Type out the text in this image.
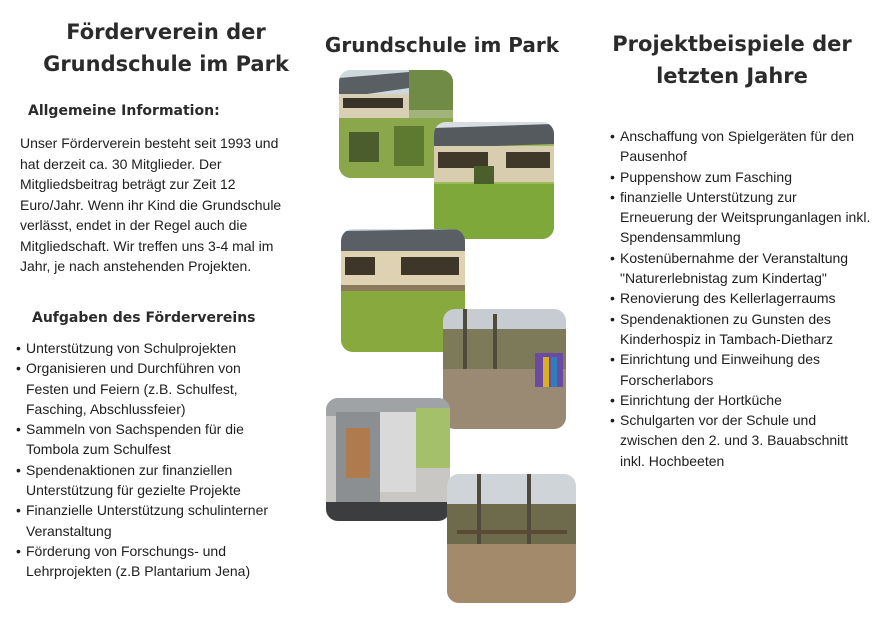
Förderverein der
Grundschule im Park
Allgemeine Information:

Unser Förderverein besteht seit 1993 und hat derzeit ca. 30 Mitglieder. Der Mitgliedsbeitrag beträgt zur Zeit 12 Euro/Jahr. Wenn ihr Kind die Grundschule verlässt, endet in der Regel auch die Mitgliedschaft. Wir treffen uns 3-4 mal im Jahr, je nach anstehenden Projekten.

Aufgaben des Fördervereins
• Unterstützung von Schulprojekten
• Organisieren und Durchführen von Festen und Feiern (z.B. Schulfest, Fasching, Abschlussfeier)
• Sammeln von Sachspenden für die Tombola zum Schulfest
• Spendenaktionen zur finanziellen Unterstützung für gezielte Projekte
• Finanzielle Unterstützung schulinterner Veranstaltung
• Förderung von Forschungs- und Lehrprojekten (z.B Plantarium Jena)
Grundschule im Park	Projektbeispiele der
letzten Jahre
• Anschaffung von Spielgeräten für den Pausenhof
• Puppenshow zum Fasching
• finanzielle Unterstützung zur Erneuerung der Weitsprunganlagen inkl. Spendensammlung
• Kostenübernahme der Veranstaltung "Naturerlebnistag zum Kindertag"
• Renovierung des Kellerlagerraums
• Spendenaktionen zu Gunsten des Kinderhospiz in Tambach-Dietharz
• Einrichtung und Einweihung des Forscherlabors
• Einrichtung der Hortküche
• Schulgarten vor der Schule und zwischen den 2. und 3. Bauabschnitt inkl. Hochbeeten
